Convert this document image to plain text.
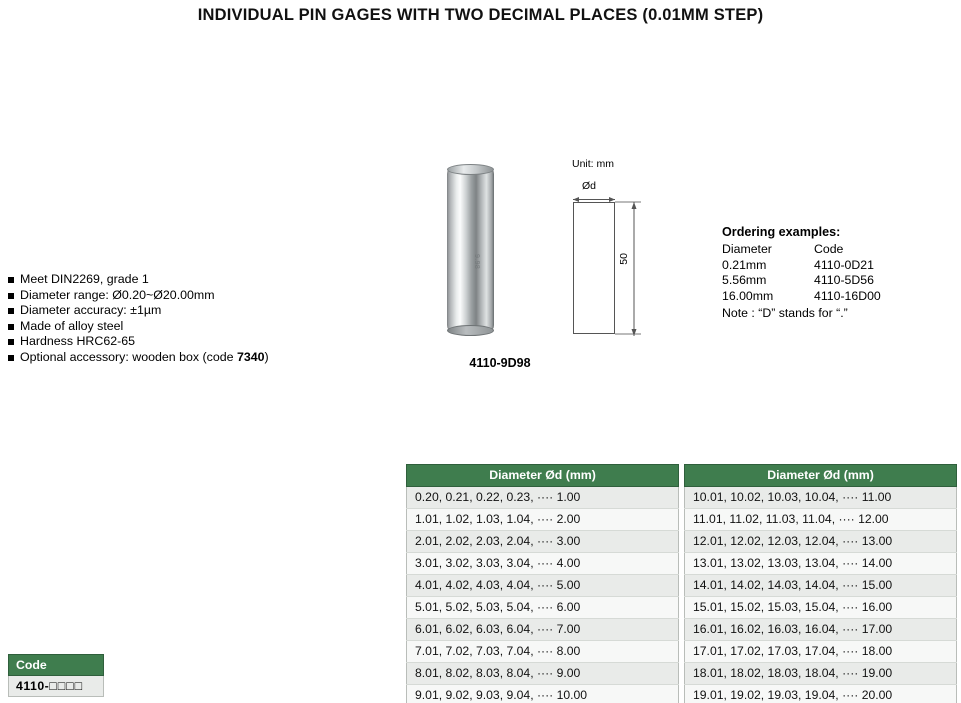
INDIVIDUAL PIN GAGES WITH TWO DECIMAL PLACES (0.01MM STEP)
Meet DIN2269, grade 1
Diameter range: Ø0.20~Ø20.00mm
Diameter accuracy: ±1µm
Made of alloy steel
Hardness HRC62-65
Optional accessory: wooden box (code 7340)
9.98
4110-9D98
Unit: mm
Ød
50
Ordering examples:
Diameter	Code
0.21mm	4110-0D21
5.56mm	4110-5D56
16.00mm	4110-16D00
Note : “D” stands for “.”
Diameter Ød (mm)
0.20, 0.21, 0.22, 0.23, ···· 1.00
1.01, 1.02, 1.03, 1.04, ···· 2.00
2.01, 2.02, 2.03, 2.04, ···· 3.00
3.01, 3.02, 3.03, 3.04, ···· 4.00
4.01, 4.02, 4.03, 4.04, ···· 5.00
5.01, 5.02, 5.03, 5.04, ···· 6.00
6.01, 6.02, 6.03, 6.04, ···· 7.00
7.01, 7.02, 7.03, 7.04, ···· 8.00
8.01, 8.02, 8.03, 8.04, ···· 9.00
9.01, 9.02, 9.03, 9.04, ···· 10.00
Diameter Ød (mm)
10.01, 10.02, 10.03, 10.04, ···· 11.00
11.01, 11.02, 11.03, 11.04, ···· 12.00
12.01, 12.02, 12.03, 12.04, ···· 13.00
13.01, 13.02, 13.03, 13.04, ···· 14.00
14.01, 14.02, 14.03, 14.04, ···· 15.00
15.01, 15.02, 15.03, 15.04, ···· 16.00
16.01, 16.02, 16.03, 16.04, ···· 17.00
17.01, 17.02, 17.03, 17.04, ···· 18.00
18.01, 18.02, 18.03, 18.04, ···· 19.00
19.01, 19.02, 19.03, 19.04, ···· 20.00
Code
4110-□□□□
